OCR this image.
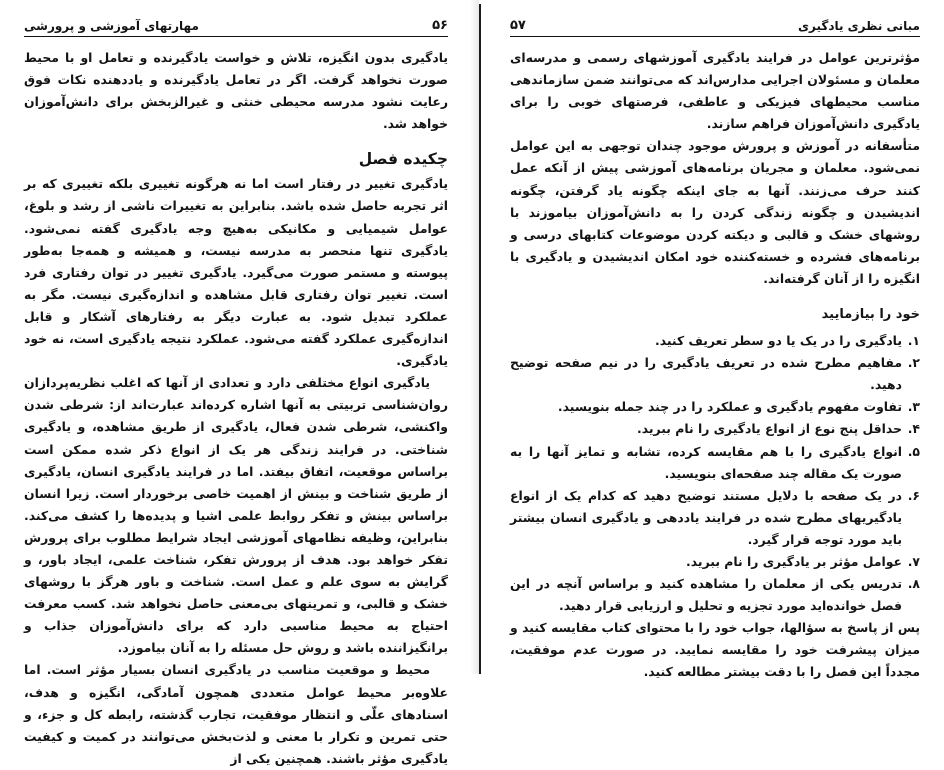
۵۶
مهارتهای آموزشی و پرورشی

یادگیری بدون انگیزه، تلاش و خواست یادگیرنده و تعامل او با محیط صورت نخواهد گرفت. اگر در تعامل یادگیرنده و یاددهنده نکات فوق رعایت نشود مدرسه محیطی خنثی و غیرالزبخش برای دانش‌آموزان خواهد شد.

چکیده فصل

یادگیری تغییر در رفتار است اما نه هرگونه تغییری بلکه تغییری که بر اثر تجربه حاصل شده باشد. بنابراین به تغییرات ناشی از رشد و بلوغ، عوامل شیمیایی و مکانیکی به‌هیچ وجه یادگیری گفته نمی‌شود. یادگیری تنها منحصر به مدرسه نیست، و همیشه و همه‌جا به‌طور پیوسته و مستمر صورت می‌گیرد. یادگیری تغییر در توان رفتاری فرد است. تغییر توان رفتاری قابل مشاهده و اندازه‌گیری نیست. مگر به عملکرد تبدیل شود. به عبارت دیگر به رفتارهای آشکار و قابل اندازه‌گیری عملکرد گفته می‌شود. عملکرد نتیجه یادگیری است، نه خود یادگیری.

یادگیری انواع مختلفی دارد و تعدادی از آنها که اغلب نظریه‌پردازان روان‌شناسی تربیتی به آنها اشاره کرده‌اند عبارت‌اند از: شرطی شدن واکنشی، شرطی شدن فعال، یادگیری از طریق مشاهده، و یادگیری شناختی. در فرایند زندگی هر یک از انواع ذکر شده ممکن است براساس موقعیت، اتفاق بیفتد. اما در فرایند یادگیری انسان، یادگیری از طریق شناخت و بینش از اهمیت خاصی برخوردار است. زیرا انسان براساس بینش و تفکر روابط علمی اشیا و پدیده‌ها را کشف می‌کند. بنابراین، وظیفه نظامهای آموزشی ایجاد شرایط مطلوب برای پرورش تفکر خواهد بود. هدف از پرورش تفکر، شناخت علمی، ایجاد باور، و گرایش به سوی علم و عمل است. شناخت و باور هرگز با روشهای خشک و قالبی، و تمرینهای بی‌معنی حاصل نخواهد شد. کسب معرفت احتیاج به محیط مناسبی دارد که برای دانش‌آموزان جذاب و برانگیزاننده باشد و روش حل مسئله را به آنان بیاموزد.

محیط و موقعیت مناسب در یادگیری انسان بسیار مؤثر است. اما علاوه‌بر محیط عوامل متعددی همچون آمادگی، انگیزه و هدف، اسنادهای علّی و انتظار موفقیت، تجارب گذشته، رابطه کل و جزء، و حتی تمرین و تکرار با معنی و لذت‌بخش می‌توانند در کمیت و کیفیت یادگیری مؤثر باشند. همچنین یکی از

مبانی نظری یادگیری
۵۷

مؤثرترین عوامل در فرایند یادگیری آموزشهای رسمی و مدرسه‌ای معلمان و مسئولان اجرایی مدارس‌اند که می‌توانند ضمن سازماندهی مناسب محیطهای فیزیکی و عاطفی، فرصتهای خوبی را برای یادگیری دانش‌آموزان فراهم سازند.

متأسفانه در آموزش و پرورش موجود چندان توجهی به این عوامل نمی‌شود. معلمان و مجریان برنامه‌های آموزشی پیش از آنکه عمل کنند حرف می‌زنند. آنها به جای اینکه چگونه یاد گرفتن، چگونه اندیشیدن و چگونه زندگی کردن را به دانش‌آموزان بیاموزند با روشهای خشک و قالبی و دیکته کردن موضوعات کتابهای درسی و برنامه‌های فشرده و خسته‌کننده خود امکان اندیشیدن و یادگیری با انگیزه را از آنان گرفته‌اند.

خود را بیازمایید
۱.
یادگیری را در یک یا دو سطر تعریف کنید.
۲.
مفاهیم مطرح شده در تعریف یادگیری را در نیم صفحه توضیح دهید.
۳.
تفاوت مفهوم یادگیری و عملکرد را در چند جمله بنویسید.
۴.
حداقل پنج نوع از انواع یادگیری را نام ببرید.
۵.
انواع یادگیری را با هم مقایسه کرده، تشابه و تمایز آنها را به صورت یک مقاله چند صفحه‌ای بنویسید.
۶.
در یک صفحه با دلایل مستند توضیح دهید که کدام یک از انواع یادگیریهای مطرح شده در فرایند یاددهی و یادگیری انسان بیشتر باید مورد توجه قرار گیرد.
۷.
عوامل مؤثر بر یادگیری را نام ببرید.
۸.
تدریس یکی از معلمان را مشاهده کنید و براساس آنچه در این فصل خوانده‌اید مورد تجزیه و تحلیل و ارزیابی قرار دهید.

پس از پاسخ به سؤالها، جواب خود را با محتوای کتاب مقایسه کنید و میزان پیشرفت خود را مقایسه نمایید. در صورت عدم موفقیت، مجدداً این فصل را با دقت بیشتر مطالعه کنید.
